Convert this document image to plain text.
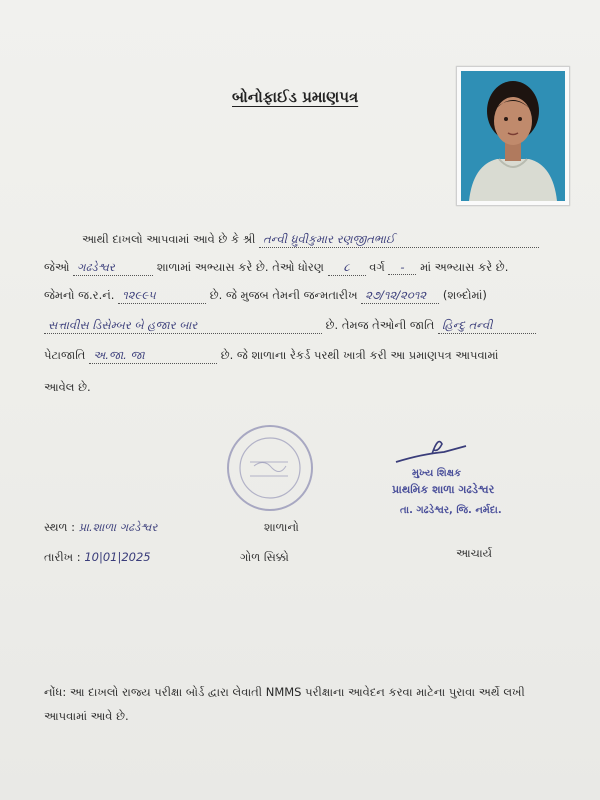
બોનોફાઈડ પ્રમાણપત્ર
આથી દાખલો આપવામાં આવે છે કે શ્રી તન્વી ધ્રુવીકુમાર રણજીતભાઈ
જેઓ ગઢડેશ્વર	શાળામાં અભ્યાસ કરે છે. તેઓ ધોરણ ૮ વર્ગ - માં અભ્યાસ કરે છે.
જેમનો જ.ર.નં. ૧૨૯૯૫	છે. જે મુજબ તેમની જન્મતારીખ ૨૭/૧૨/૨૦૧૨ (શબ્દોમાં)
સત્તાવીસ ડિસેમ્બર બે હજાર બાર	છે. તેમજ તેઓની જાતિ હિન્દુ તન્વી
પેટાજાતિ અ.જા. જા	છે. જે શાળાના રેકર્ડ પરથી ખાત્રી કરી આ પ્રમાણપત્ર આપવામાં
આવેલ છે.
મુખ્ય શિક્ષક
પ્રાથમિક શાળા ગઢડેશ્વર
તા. ગઢડેશ્વર, જિ. નર્મદા.
સ્થળ : પ્રા.શાળા ગઢડેશ્વર	શાળાનો
તારીખ : 10|01|2025	ગોળ સિક્કો	આચાર્ય
નોંધ: આ દાખલો રાજ્ય પરીક્ષા બોર્ડ દ્વારા લેવાતી NMMS પરીક્ષાના આવેદન કરવા માટેના પુરાવા અર્થે લખી આપવામાં આવે છે.
